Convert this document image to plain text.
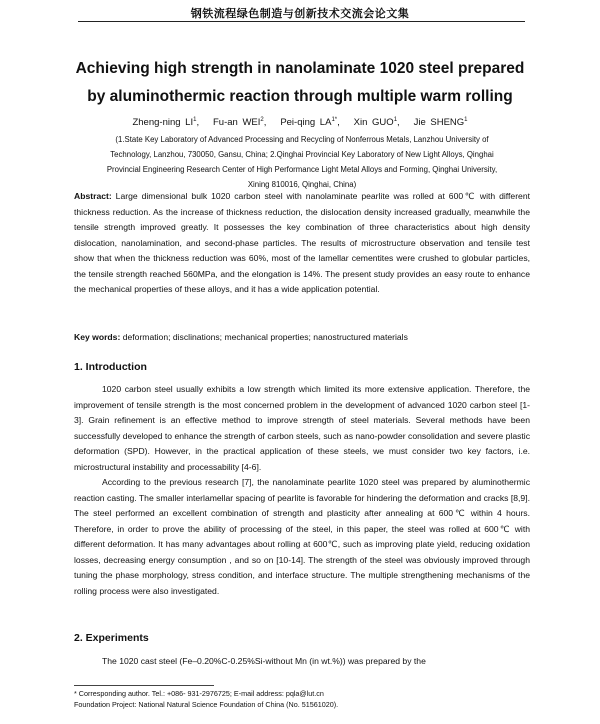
钢铁流程绿色制造与创新技术交流会论文集
Achieving high strength in nanolaminate 1020 steel prepared
by aluminothermic reaction through multiple warm rolling
Zheng-ning $LI^1$,   Fu-an WEI$^2$,   Pei-qing $LA^{1*}$,   Xin GUO$^1$,   Jie SHENG$^1$
(1.State Key Laboratory of Advanced Processing and Recycling of Nonferrous Metals, Lanzhou University of
Technology, Lanzhou, 730050, Gansu, China; 2.Qinghai Provincial Key Laboratory of New Light Alloys, Qinghai
Provincial Engineering Research Center of High Performance Light Metal Alloys and Forming, Qinghai University,
Xining 810016, Qinghai, China)
Abstract: Large dimensional bulk 1020 carbon steel with nanolaminate pearlite was rolled at 600℃ with different thickness reduction. As the increase of thickness reduction, the dislocation density increased gradually, meanwhile the tensile strength improved greatly. It possesses the key combination of three characteristics about high density dislocation, nanolamination, and second-phase particles. The results of microstructure observation and tensile test show that when the thickness reduction was 60%, most of the lamellar cementites were crushed to globular particles, the tensile strength reached 560MPa, and the elongation is 14%. The present study provides an easy route to enhance the mechanical properties of these alloys, and it has a wide application potential.
Key words: deformation; disclinations; mechanical properties; nanostructured materials
1. Introduction

1020 carbon steel usually exhibits a low strength which limited its more extensive application. Therefore, the improvement of tensile strength is the most concerned problem in the development of advanced 1020 carbon steel [1-3]. Grain refinement is an effective method to improve strength of steel materials. Several methods have been successfully developed to enhance the strength of carbon steels, such as nano-powder consolidation and severe plastic deformation (SPD). However, in the practical application of these steels, we must consider two key factors, i.e. microstructural instability and processability [4-6].

According to the previous research [7], the nanolaminate pearlite 1020 steel was prepared by aluminothermic reaction casting. The smaller interlamellar spacing of pearlite is favorable for hindering the deformation and cracks [8,9]. The steel performed an excellent combination of strength and plasticity after annealing at 600℃ within 4 hours. Therefore, in order to prove the ability of processing of the steel, in this paper, the steel was rolled at 600℃ with different deformation. It has many advantages about rolling at 600℃, such as improving plate yield, reducing oxidation losses, decreasing energy consumption , and so on [10-14]. The strength of the steel was obviously improved through tuning the phase morphology, stress condition, and interface structure. The multiple strengthening mechanisms of the rolling process were also investigated.

2. Experiments

The 1020 cast steel (Fe–0.20%C-0.25%Si-without Mn (in wt.%)) was prepared by the

* Corresponding author. Tel.: +086- 931-2976725; E-mail address: pqla@lut.cn
Foundation Project: National Natural Science Foundation of China (No. 51561020).
